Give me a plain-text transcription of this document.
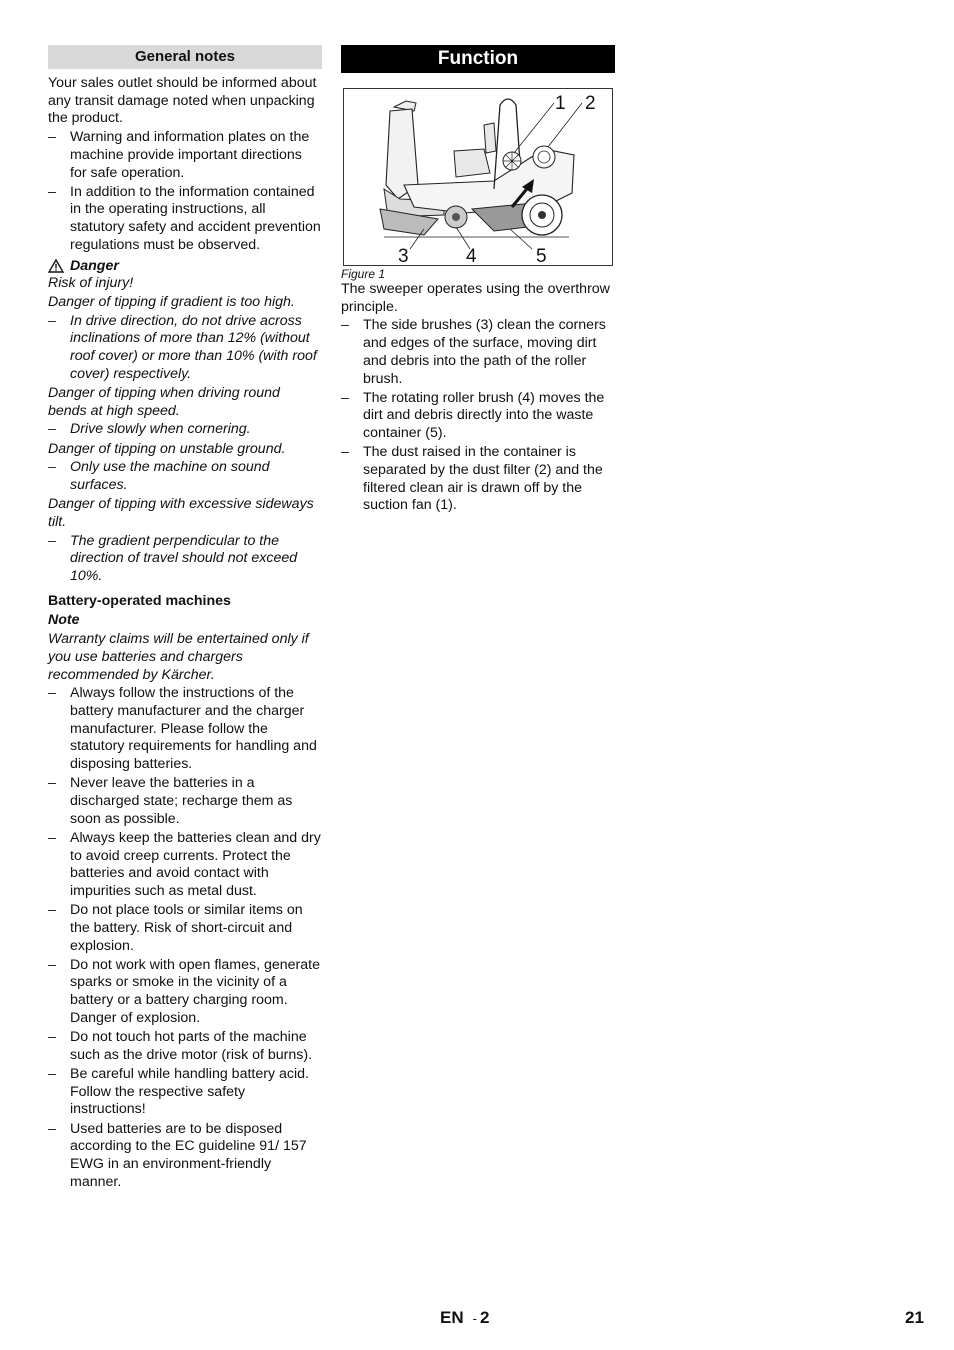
General notes

Your sales outlet should be informed about any transit damage noted when unpacking the product.

– Warning and information plates on the machine provide important directions for safe operation.
– In addition to the information contained in the operating instructions, all statutory safety and accident prevention regulations must be observed.
Danger

Risk of injury!

Danger of tipping if gradient is too high.

– In drive direction, do not drive across inclinations of more than 12% (without roof cover) or more than 10% (with roof cover) respectively.

Danger of tipping when driving round bends at high speed.

– Drive slowly when cornering.

Danger of tipping on unstable ground.

– Only use the machine on sound surfaces.

Danger of tipping with excessive sideways tilt.

– The gradient perpendicular to the direction of travel should not exceed 10%.
Battery-operated machines

Note

Warranty claims will be entertained only if you use batteries and chargers recommended by Kärcher.

– Always follow the instructions of the battery manufacturer and the charger manufacturer. Please follow the statutory requirements for handling and disposing batteries.
– Never leave the batteries in a discharged state; recharge them as soon as possible.
– Always keep the batteries clean and dry to avoid creep currents. Protect the batteries and avoid contact with impurities such as metal dust.
– Do not place tools or similar items on the battery. Risk of short-circuit and explosion.
– Do not work with open flames, generate sparks or smoke in the vicinity of a battery or a battery charging room. Danger of explosion.
– Do not touch hot parts of the machine such as the drive motor (risk of burns).
– Be careful while handling battery acid. Follow the respective safety instructions!
– Used batteries are to be disposed according to the EC guideline 91/ 157 EWG in an environment-friendly manner.
Function
1 2
3	4	5
Figure 1

The sweeper operates using the overthrow principle.

– The side brushes (3) clean the corners and edges of the surface, moving dirt and debris into the path of the roller brush.
– The rotating roller brush (4) moves the dirt and debris directly into the waste container (5).
– The dust raised in the container is separated by the dust filter (2) and the filtered clean air is drawn off by the suction fan (1).
EN - 2	21
